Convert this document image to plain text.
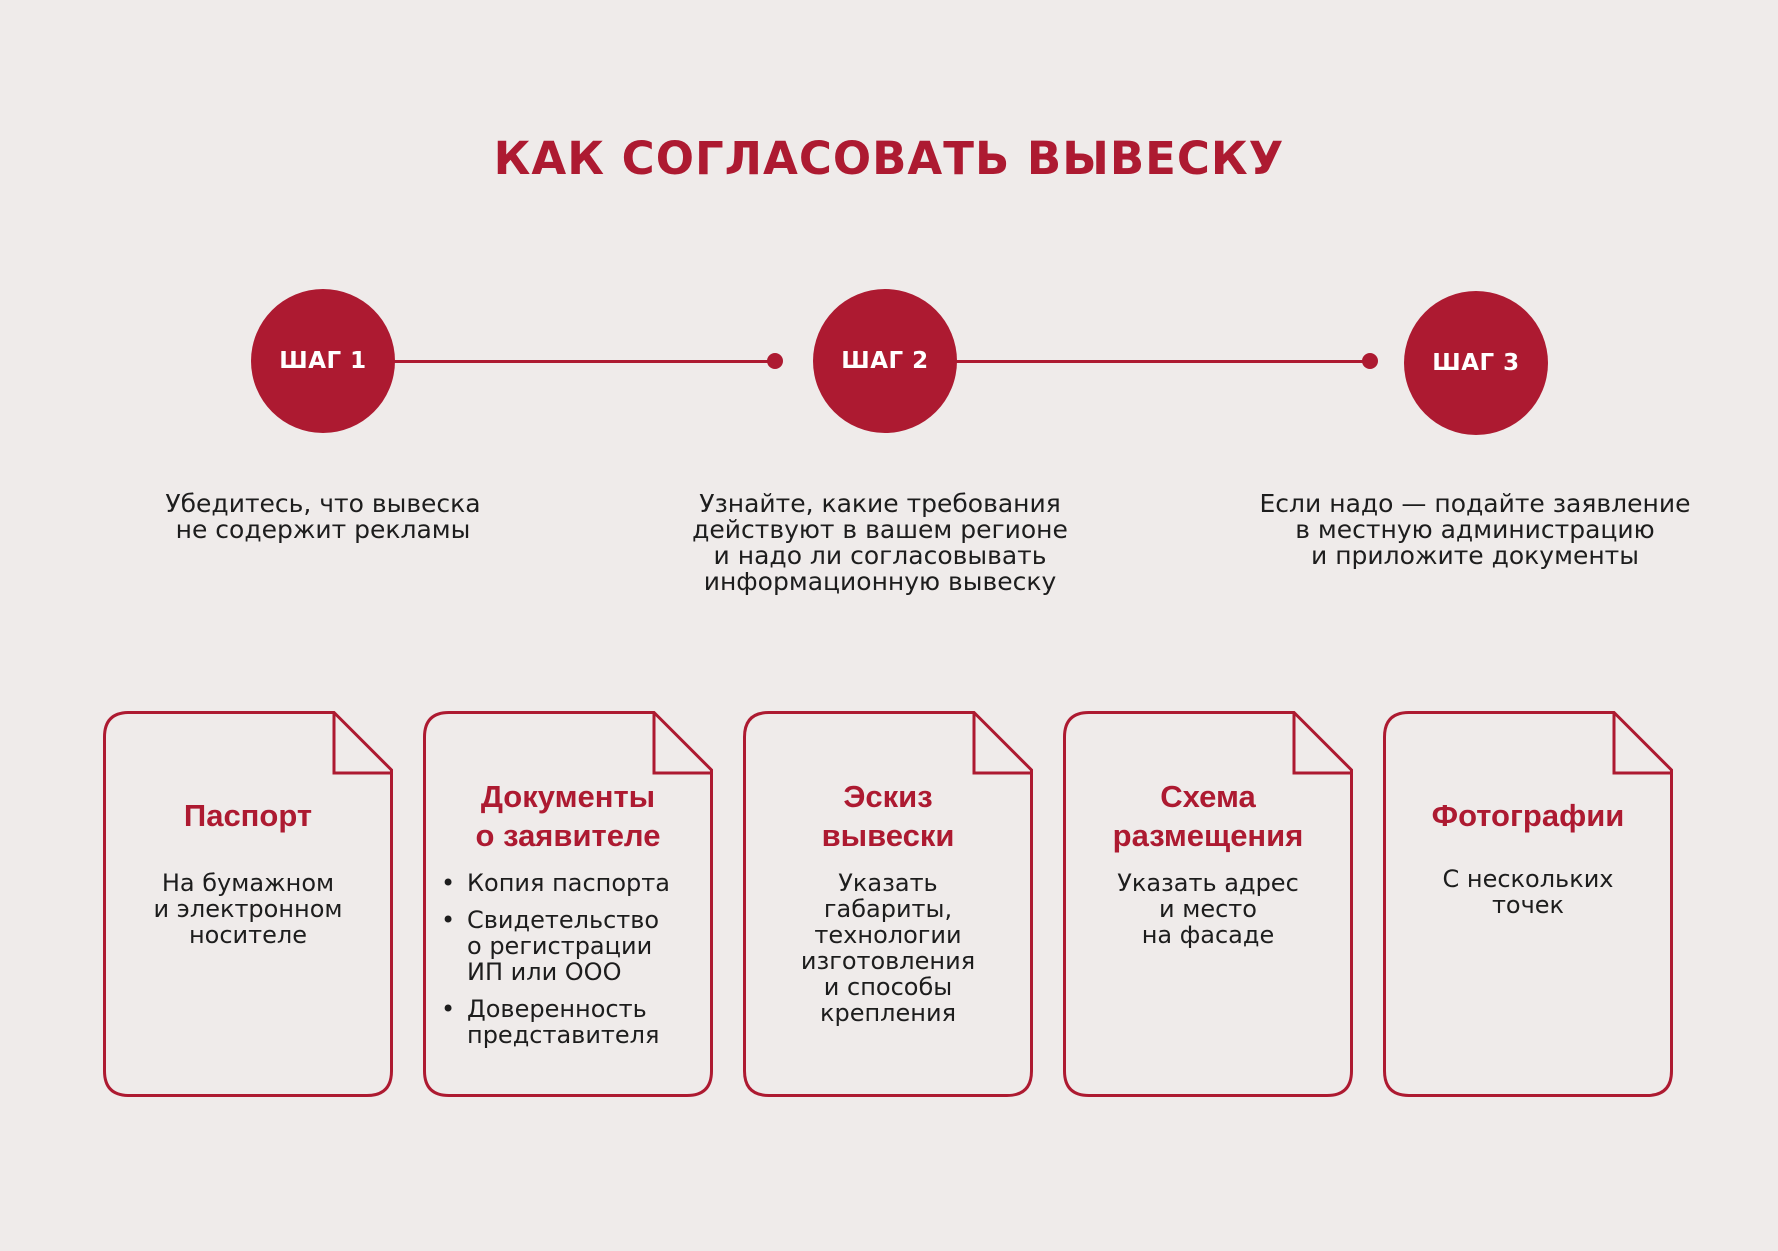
КАК СОГЛАСОВАТЬ ВЫВЕСКУ
ШАГ 1	ШАГ 2	ШАГ 3
Убедитесь, что вывеска
не содержит рекламы
Узнайте, какие требования
действуют в вашем регионе
и надо ли согласовывать
информационную вывеску
Если надо — подайте заявление
в местную администрацию
и приложите документы
Паспорт
На бумажном
и электронном
носителе
Документы
о заявителе
• Копия паспорта
• Свидетельство
о регистрации
ИП или ООО
• Доверенность
представителя
Эскиз
вывески
Указать
габариты,
технологии
изготовления
и способы
крепления
Схема
размещения
Указать адрес
и место
на фасаде
Фотографии
С нескольких
точек
